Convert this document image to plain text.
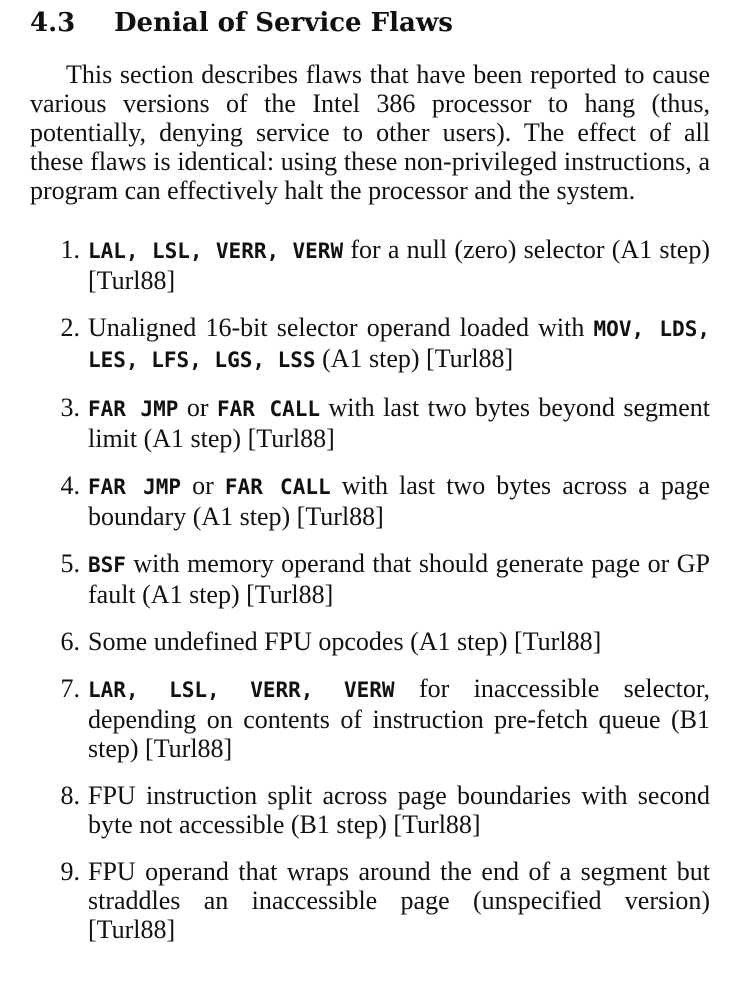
4.3 Denial of Service Flaws

This section describes flaws that have been reported to cause various versions of the Intel 386 processor to hang (thus, potentially, denying service to other users). The effect of all these flaws is identical: using these non-privileged instructions, a program can effectively halt the processor and the system.

1. LAL, LSL, VERR, VERW for a null (zero) selector (A1 step) [Turl88]
2. Unaligned 16-bit selector operand loaded with MOV, LDS, LES, LFS, LGS, LSS (A1 step) [Turl88]
3. FAR JMP or FAR CALL with last two bytes beyond segment limit (A1 step) [Turl88]
4. FAR JMP or FAR CALL with last two bytes across a page boundary (A1 step) [Turl88]
5. BSF with memory operand that should generate page or GP fault (A1 step) [Turl88]
6. Some undefined FPU opcodes (A1 step) [Turl88]
7. LAR, LSL, VERR, VERW for inaccessible selector, depending on contents of instruction pre-fetch queue (B1 step) [Turl88]
8. FPU instruction split across page boundaries with second byte not accessible (B1 step) [Turl88]
9. FPU operand that wraps around the end of a segment but straddles an inaccessible page (unspecified version) [Turl88]
